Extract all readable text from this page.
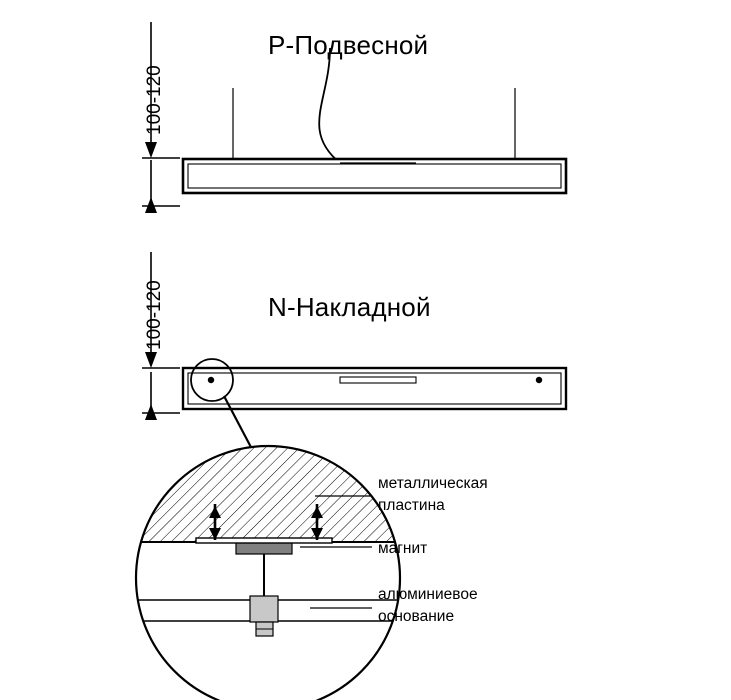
P-Подвесной
N-Накладной
100-120
100-120
металлическая
пластина
магнит
алюминиевое
основание
